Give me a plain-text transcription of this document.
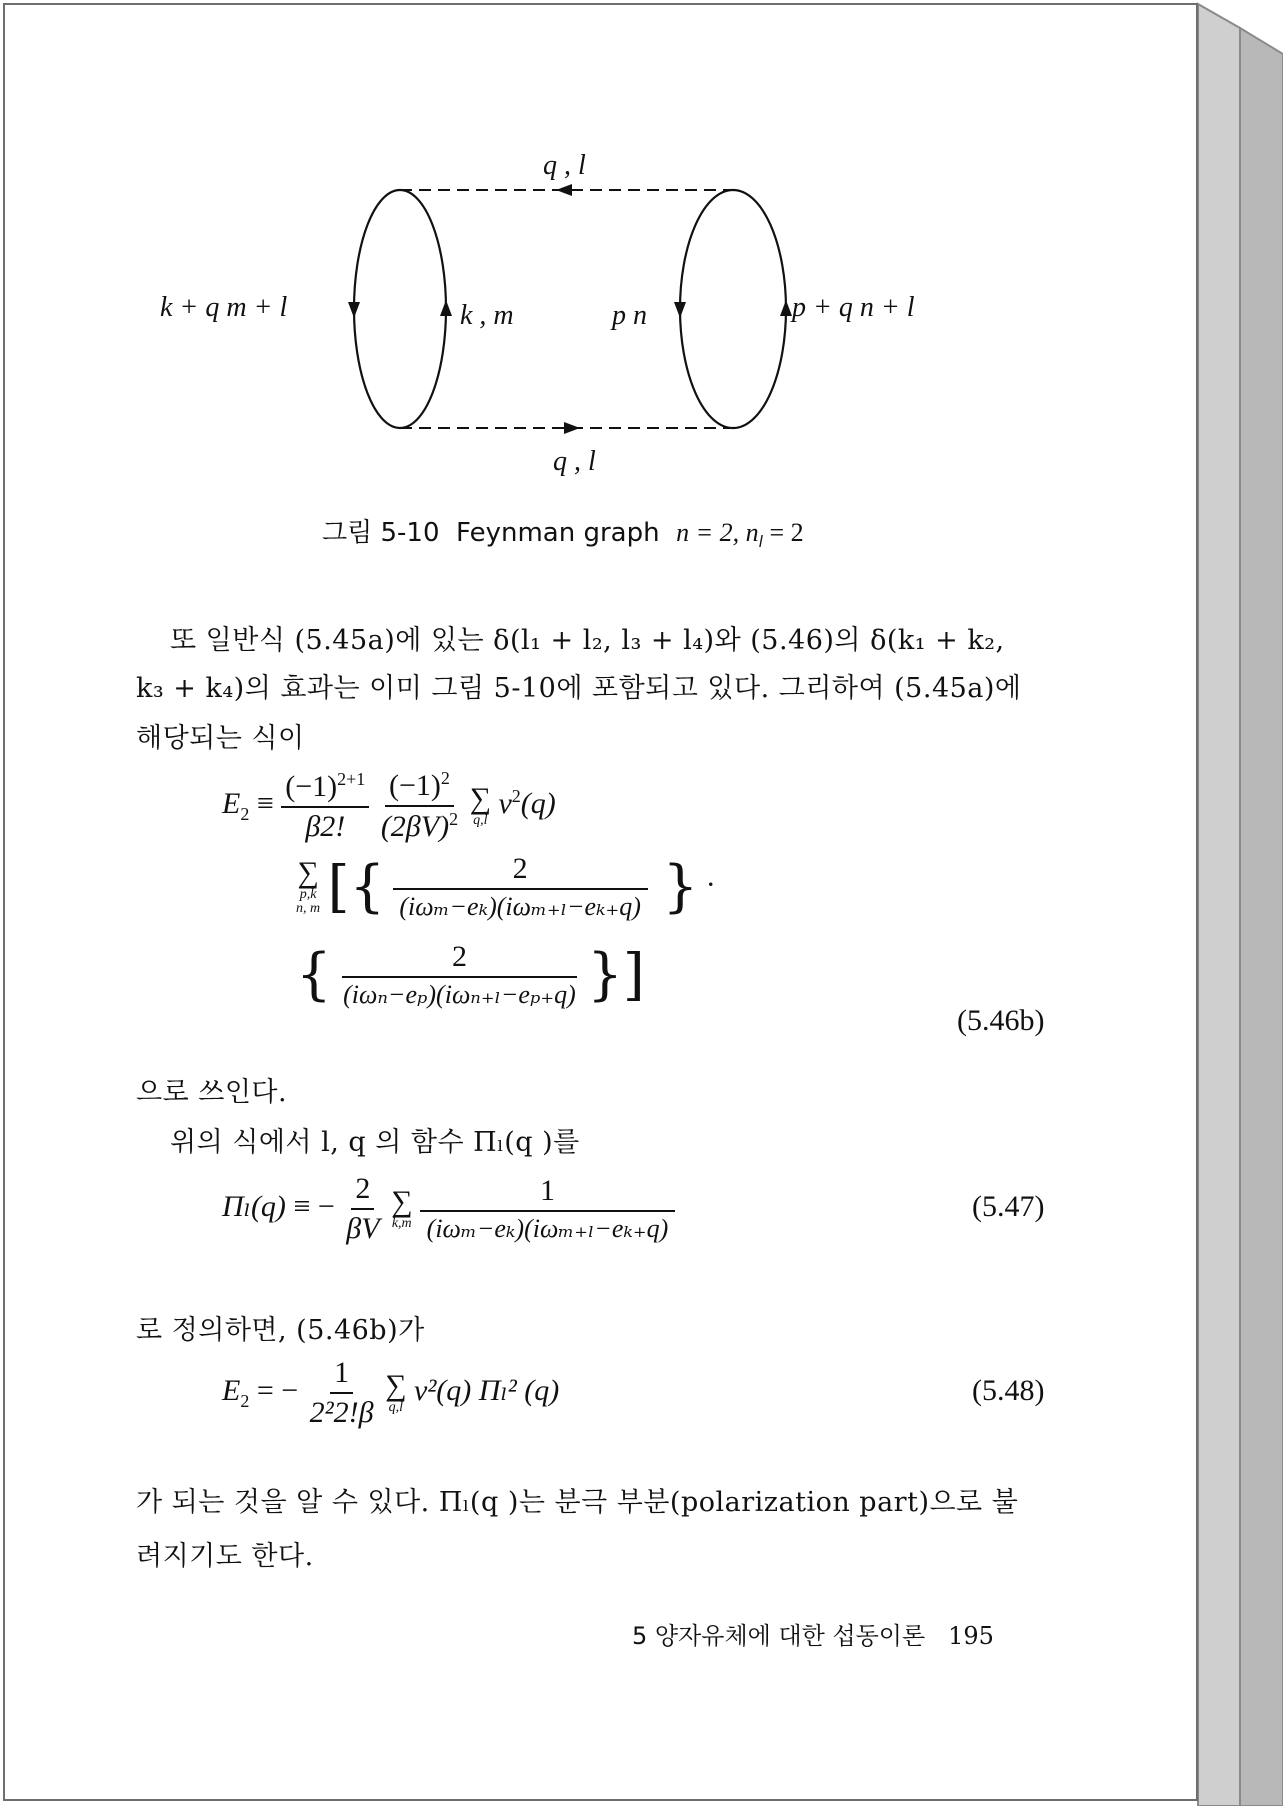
q , l
q , l
k + q m + l	k , m	p n	p + q n + l
그림 5-10 Feynman graph n = 2, $n_l = 2$
또 일반식 (5.45a)에 있는 δ(l₁ + l₂, l₃ + l₄)와 (5.46)의 δ(k₁ + k₂,
k₃ + k₄)의 효과는 이미 그림 5-10에 포함되고 있다. 그리하여 (5.45a)에
해당되는 식이
$E_2 \equiv \frac{(-1)^{2+1}}{\beta 2!}$
$\frac{(-1)^2}{(2\beta V)^2}$
∑
q,l
$v^2(q)$
∑
p,k
n, m [{ $\frac{2}{\text{(iωₘ−eₖ)(iωₘ₊ₗ−eₖ₊q)}}$ } ·
{ $\frac{2}{\text{(iωₙ−eₚ)(iωₙ₊ₗ−eₚ₊q)}}$ }]
(5.46b)
으로 쓰인다.
위의 식에서 l, q 의 함수 Πₗ(q )를
Πₗ(q) ≡ − $\frac{2}{\beta V}$
∑
k,m
$\frac{1}{\text{(iωₘ−eₖ)(iωₘ₊ₗ−eₖ₊q)}}$	(5.47)
로 정의하면, (5.46b)가
$E_2$ = − $\frac{1}{\text{2²2!β}}$
∑
q,l
v²(q) Πₗ² (q)	(5.48)
가 되는 것을 알 수 있다. Πₗ(q )는 분극 부분(polarization part)으로 불
려지기도 한다.
5 양자유체에 대한 섭동이론 195
